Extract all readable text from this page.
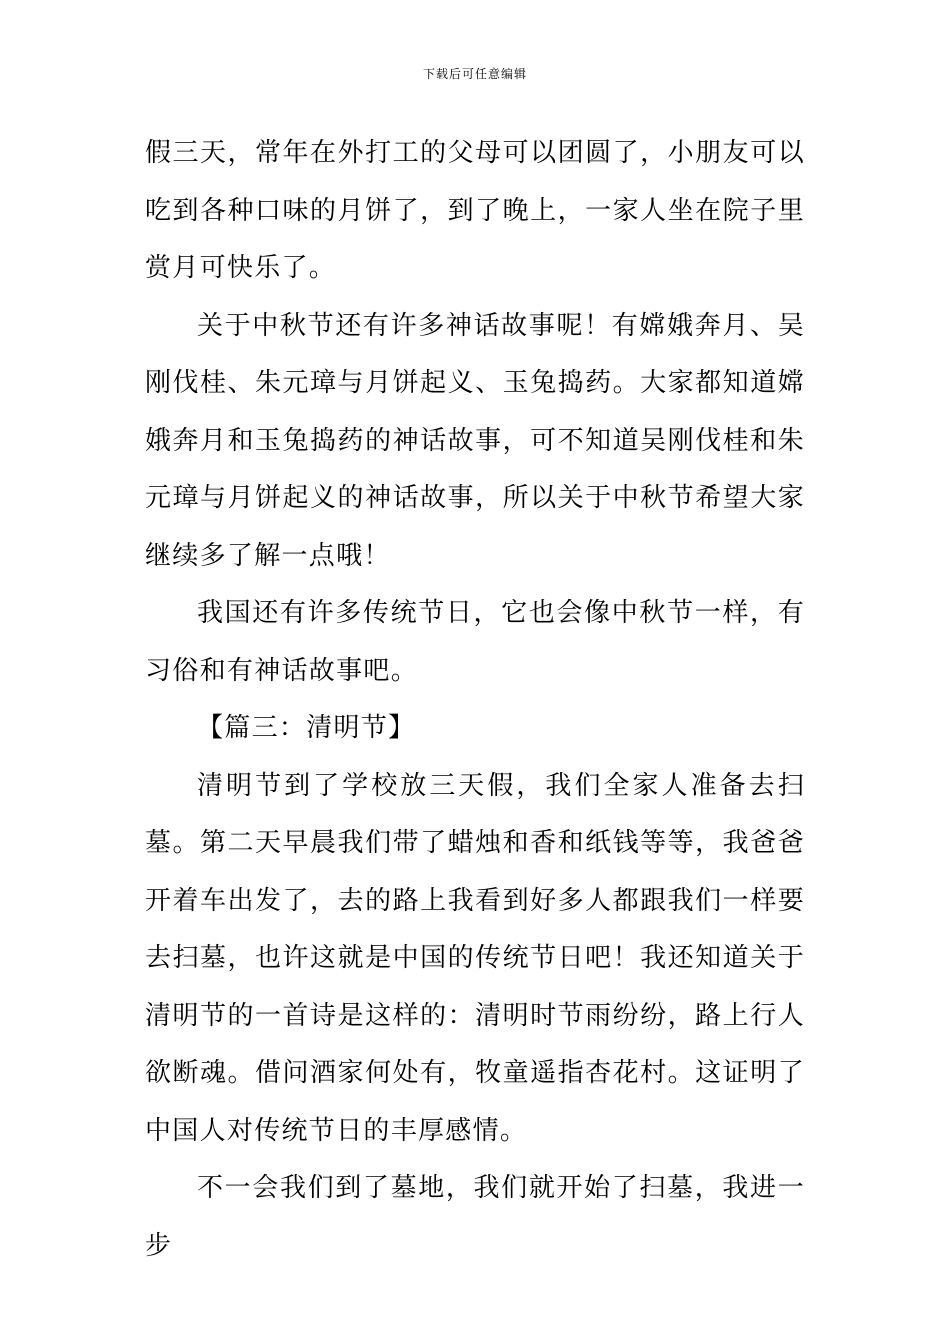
下载后可任意编辑

假三天，常年在外打工的父母可以团圆了，小朋友可以吃到各种口味的月饼了，到了晚上，一家人坐在院子里赏月可快乐了。

关于中秋节还有许多神话故事呢！有嫦娥奔月、吴刚伐桂、朱元璋与月饼起义、玉兔捣药。大家都知道嫦娥奔月和玉兔捣药的神话故事，可不知道吴刚伐桂和朱元璋与月饼起义的神话故事，所以关于中秋节希望大家继续多了解一点哦！

我国还有许多传统节日，它也会像中秋节一样，有习俗和有神话故事吧。

【篇三：清明节】

清明节到了学校放三天假，我们全家人准备去扫墓。第二天早晨我们带了蜡烛和香和纸钱等等，我爸爸开着车出发了，去的路上我看到好多人都跟我们一样要去扫墓，也许这就是中国的传统节日吧！我还知道关于清明节的一首诗是这样的：清明时节雨纷纷，路上行人欲断魂。借问酒家何处有，牧童遥指杏花村。这证明了中国人对传统节日的丰厚感情。

不一会我们到了墓地，我们就开始了扫墓，我进一步
